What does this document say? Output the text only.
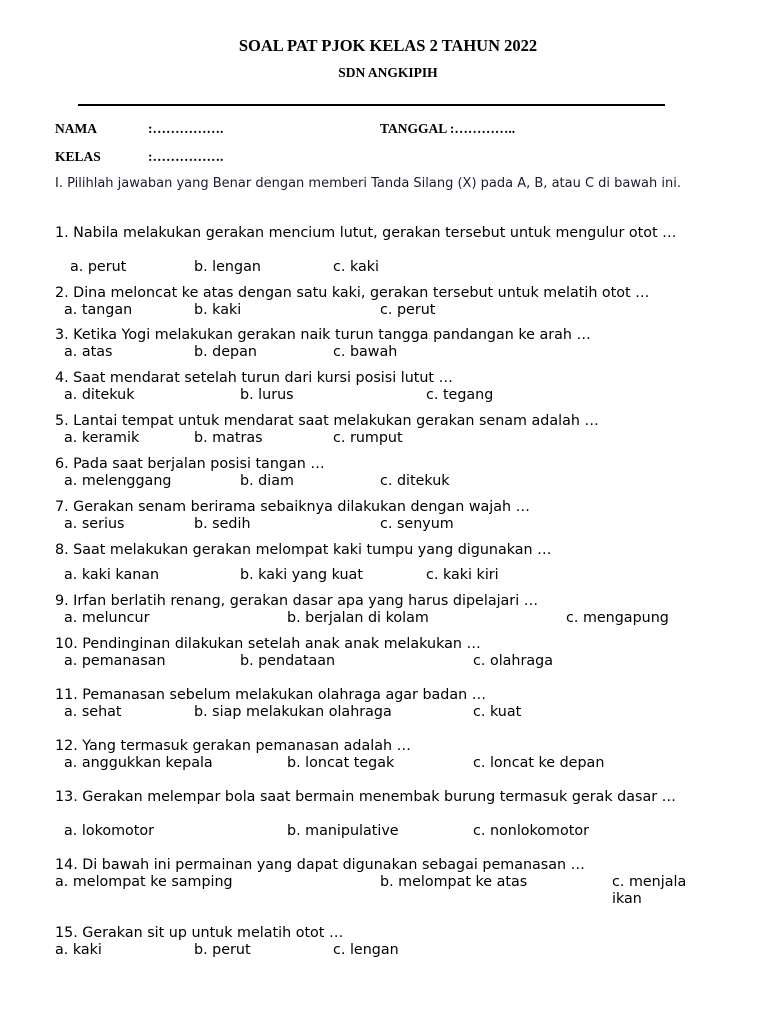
SOAL PAT PJOK KELAS 2 TAHUN 2022
SDN ANGKIPIH
NAMA	:…………….	TANGGAL :…………..
KELAS	:…………….
I. Pilihlah jawaban yang Benar dengan memberi Tanda Silang (X) pada A, B, atau C di bawah ini.
1. Nabila melakukan gerakan mencium lutut, gerakan tersebut untuk mengulur otot …
a. perut	b. lengan	c. kaki
2. Dina meloncat ke atas dengan satu kaki, gerakan tersebut untuk melatih otot …
a. tangan	b. kaki	c. perut
3. Ketika Yogi melakukan gerakan naik turun tangga pandangan ke arah …
a. atas	b. depan	c. bawah
4. Saat mendarat setelah turun dari kursi posisi lutut …
a. ditekuk	b. lurus	c. tegang
5. Lantai tempat untuk mendarat saat melakukan gerakan senam adalah …
a. keramik	b. matras	c. rumput
6. Pada saat berjalan posisi tangan …
a. melenggang	b. diam	c. ditekuk
7. Gerakan senam berirama sebaiknya dilakukan dengan wajah …
a. serius	b. sedih	c. senyum
8. Saat melakukan gerakan melompat kaki tumpu yang digunakan …
a. kaki kanan	b. kaki yang kuat	c. kaki kiri
9. Irfan berlatih renang, gerakan dasar apa yang harus dipelajari …
a. meluncur	b. berjalan di kolam	c. mengapung
10. Pendinginan dilakukan setelah anak anak melakukan …
a. pemanasan	b. pendataan	c. olahraga
11. Pemanasan sebelum melakukan olahraga agar badan …
a. sehat	b. siap melakukan olahraga	c. kuat
12. Yang termasuk gerakan pemanasan adalah …
a. anggukkan kepala	b. loncat tegak	c. loncat ke depan
13. Gerakan melempar bola saat bermain menembak burung termasuk gerak dasar …
a. lokomotor	b. manipulative	c. nonlokomotor
14. Di bawah ini permainan yang dapat digunakan sebagai pemanasan …
a. melompat ke samping	b. melompat ke atas	c. menjala ikan
15. Gerakan sit up untuk melatih otot …
a. kaki	b. perut	c. lengan
